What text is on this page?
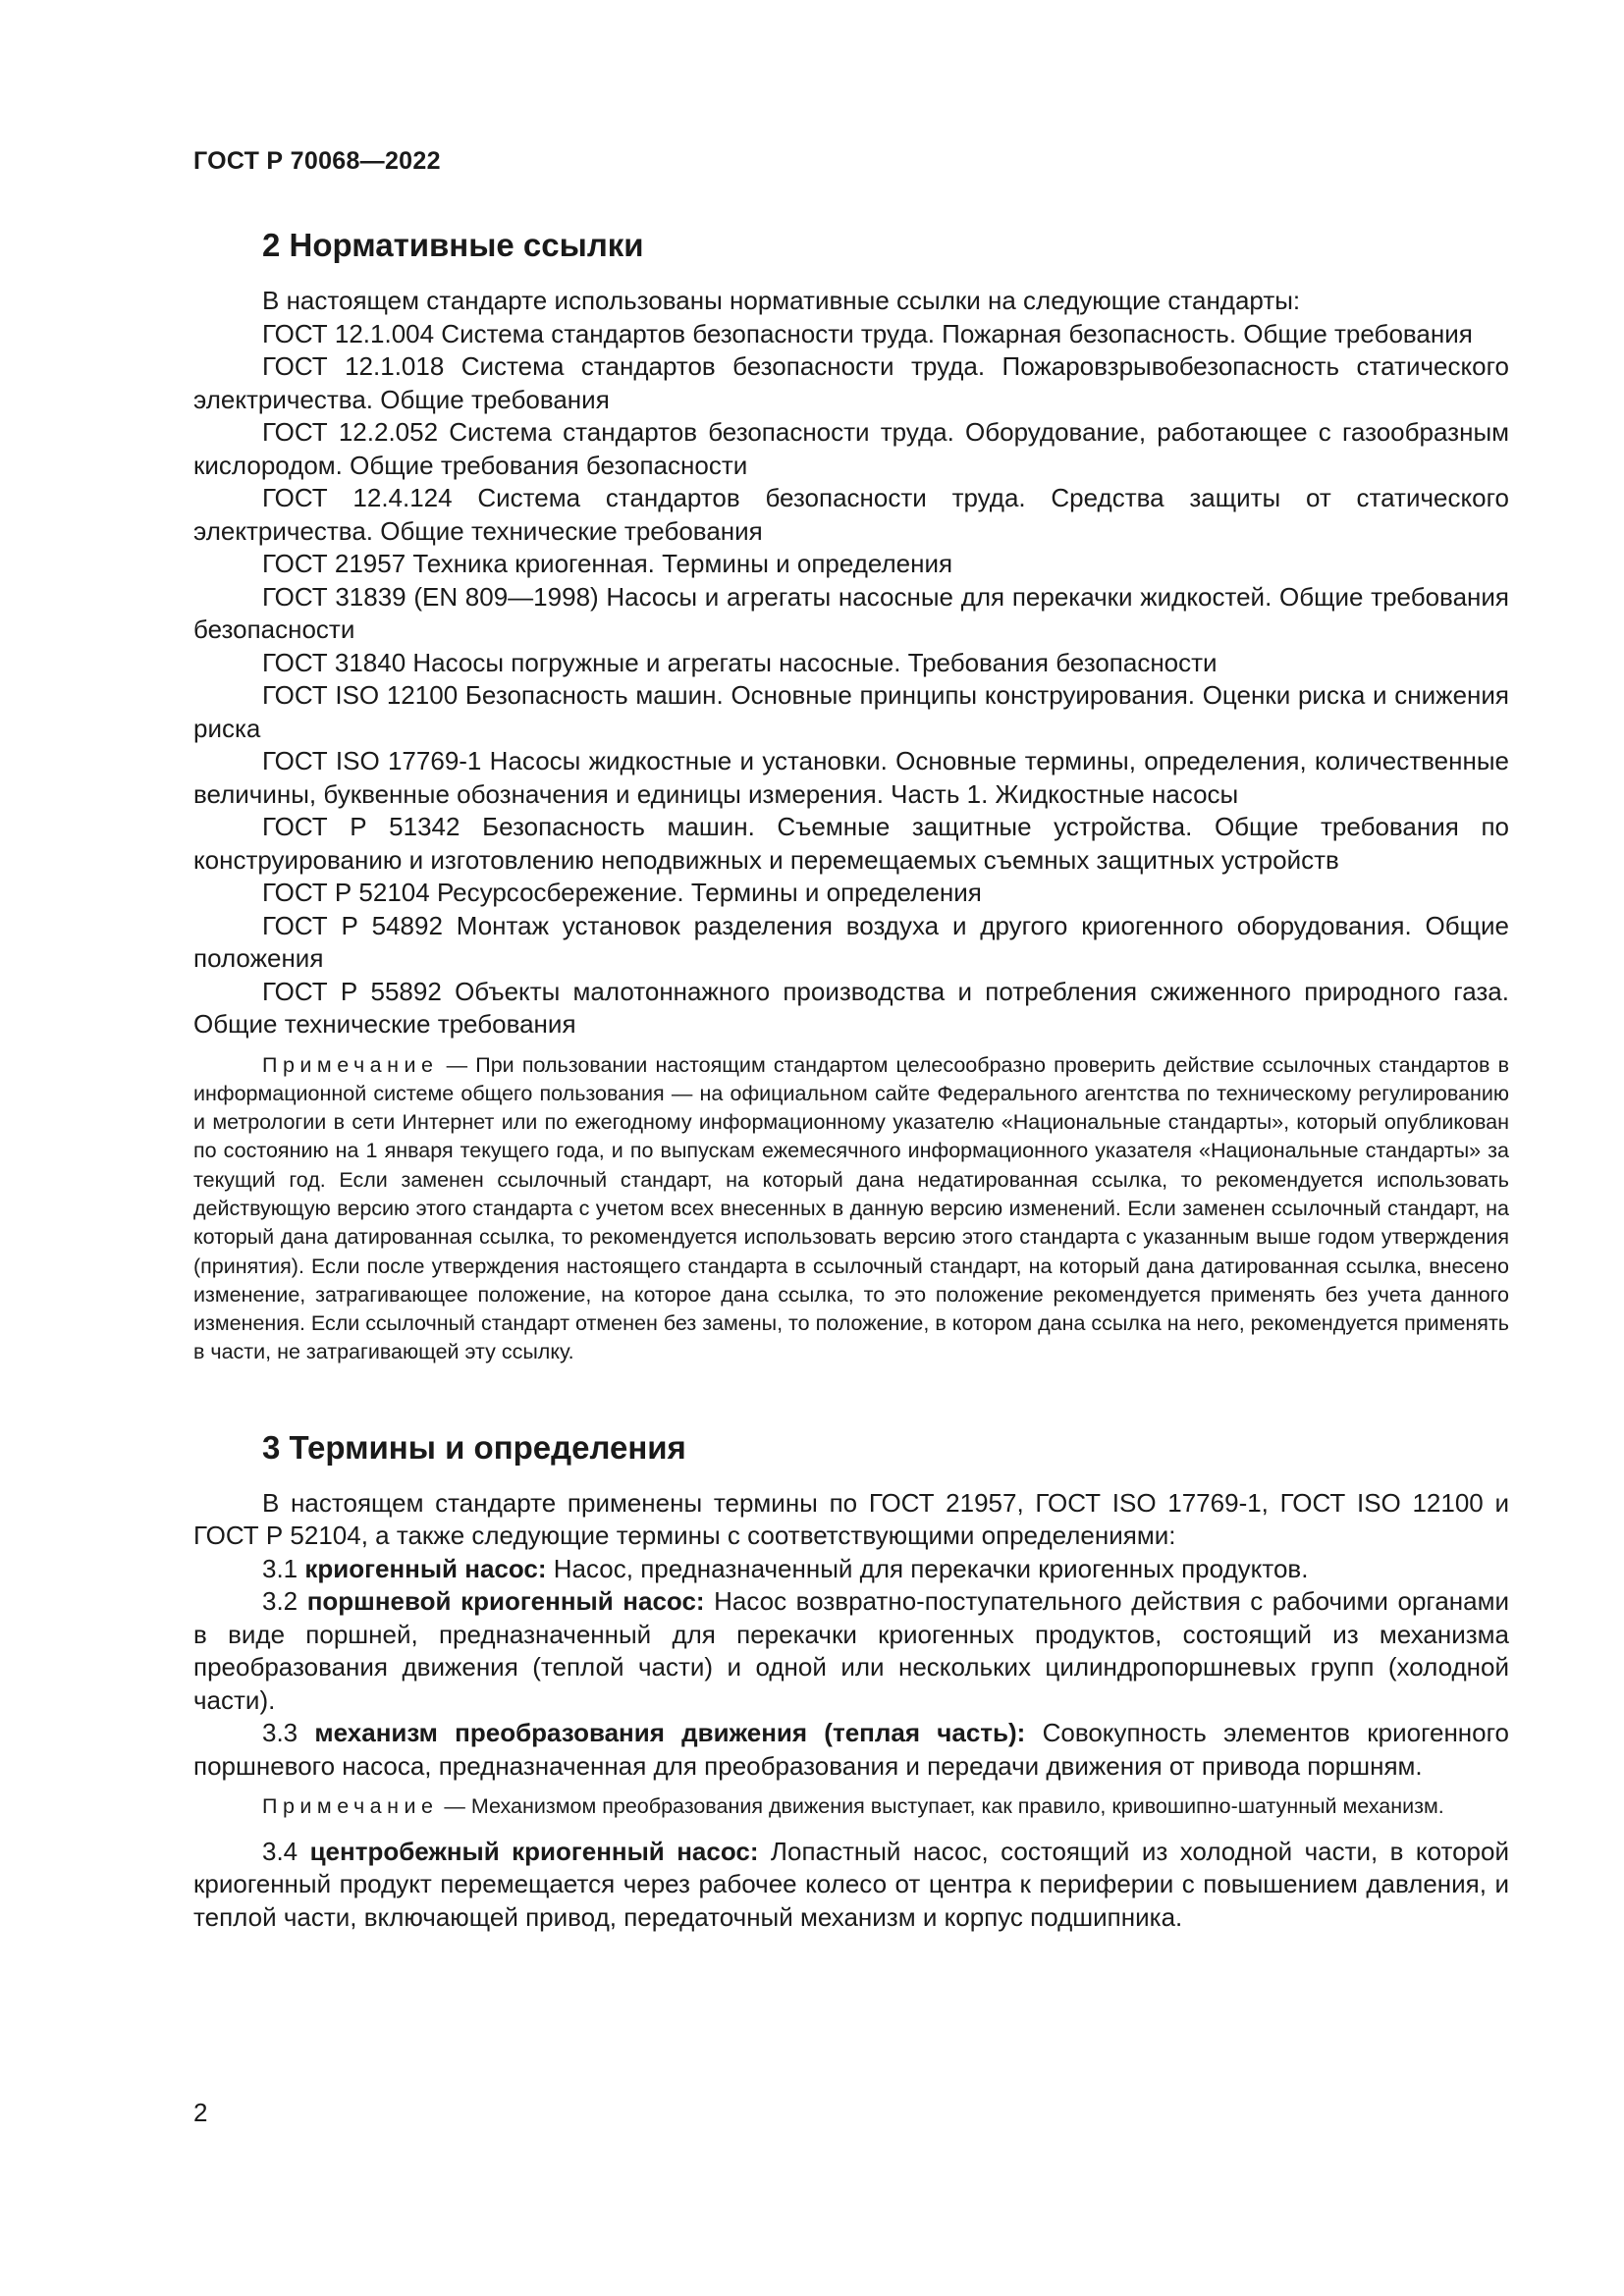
ГОСТ Р 70068—2022
2 Нормативные ссылки

В настоящем стандарте использованы нормативные ссылки на следующие стандарты:

ГОСТ 12.1.004 Система стандартов безопасности труда. Пожарная безопасность. Общие требования

ГОСТ 12.1.018 Система стандартов безопасности труда. Пожаровзрывобезопасность статического электричества. Общие требования

ГОСТ 12.2.052 Система стандартов безопасности труда. Оборудование, работающее с газообразным кислородом. Общие требования безопасности

ГОСТ 12.4.124 Система стандартов безопасности труда. Средства защиты от статического электричества. Общие технические требования

ГОСТ 21957 Техника криогенная. Термины и определения

ГОСТ 31839 (EN 809—1998) Насосы и агрегаты насосные для перекачки жидкостей. Общие требования безопасности

ГОСТ 31840 Насосы погружные и агрегаты насосные. Требования безопасности

ГОСТ ISO 12100 Безопасность машин. Основные принципы конструирования. Оценки риска и снижения риска

ГОСТ ISO 17769-1 Насосы жидкостные и установки. Основные термины, определения, количественные величины, буквенные обозначения и единицы измерения. Часть 1. Жидкостные насосы

ГОСТ Р 51342 Безопасность машин. Съемные защитные устройства. Общие требования по конструированию и изготовлению неподвижных и перемещаемых съемных защитных устройств

ГОСТ Р 52104 Ресурсосбережение. Термины и определения

ГОСТ Р 54892 Монтаж установок разделения воздуха и другого криогенного оборудования. Общие положения

ГОСТ Р 55892 Объекты малотоннажного производства и потребления сжиженного природного газа. Общие технические требования

Примечание — При пользовании настоящим стандартом целесообразно проверить действие ссылочных стандартов в информационной системе общего пользования — на официальном сайте Федерального агентства по техническому регулированию и метрологии в сети Интернет или по ежегодному информационному указателю «Национальные стандарты», который опубликован по состоянию на 1 января текущего года, и по выпускам ежемесячного информационного указателя «Национальные стандарты» за текущий год. Если заменен ссылочный стандарт, на который дана недатированная ссылка, то рекомендуется использовать действующую версию этого стандарта с учетом всех внесенных в данную версию изменений. Если заменен ссылочный стандарт, на который дана датированная ссылка, то рекомендуется использовать версию этого стандарта с указанным выше годом утверждения (принятия). Если после утверждения настоящего стандарта в ссылочный стандарт, на который дана датированная ссылка, внесено изменение, затрагивающее положение, на которое дана ссылка, то это положение рекомендуется применять без учета данного изменения. Если ссылочный стандарт отменен без замены, то положение, в котором дана ссылка на него, рекомендуется применять в части, не затрагивающей эту ссылку.

3 Термины и определения

В настоящем стандарте применены термины по ГОСТ 21957, ГОСТ ISO 17769-1, ГОСТ ISO 12100 и ГОСТ Р 52104, а также следующие термины с соответствующими определениями:

3.1 криогенный насос: Насос, предназначенный для перекачки криогенных продуктов.

3.2 поршневой криогенный насос: Насос возвратно-поступательного действия с рабочими органами в виде поршней, предназначенный для перекачки криогенных продуктов, состоящий из механизма преобразования движения (теплой части) и одной или нескольких цилиндропоршневых групп (холодной части).

3.3 механизм преобразования движения (теплая часть): Совокупность элементов криогенного поршневого насоса, предназначенная для преобразования и передачи движения от привода поршням.

Примечание — Механизмом преобразования движения выступает, как правило, кривошипно-шатунный механизм.

3.4 центробежный криогенный насос: Лопастный насос, состоящий из холодной части, в которой криогенный продукт перемещается через рабочее колесо от центра к периферии с повышением давления, и теплой части, включающей привод, передаточный механизм и корпус подшипника.

2
